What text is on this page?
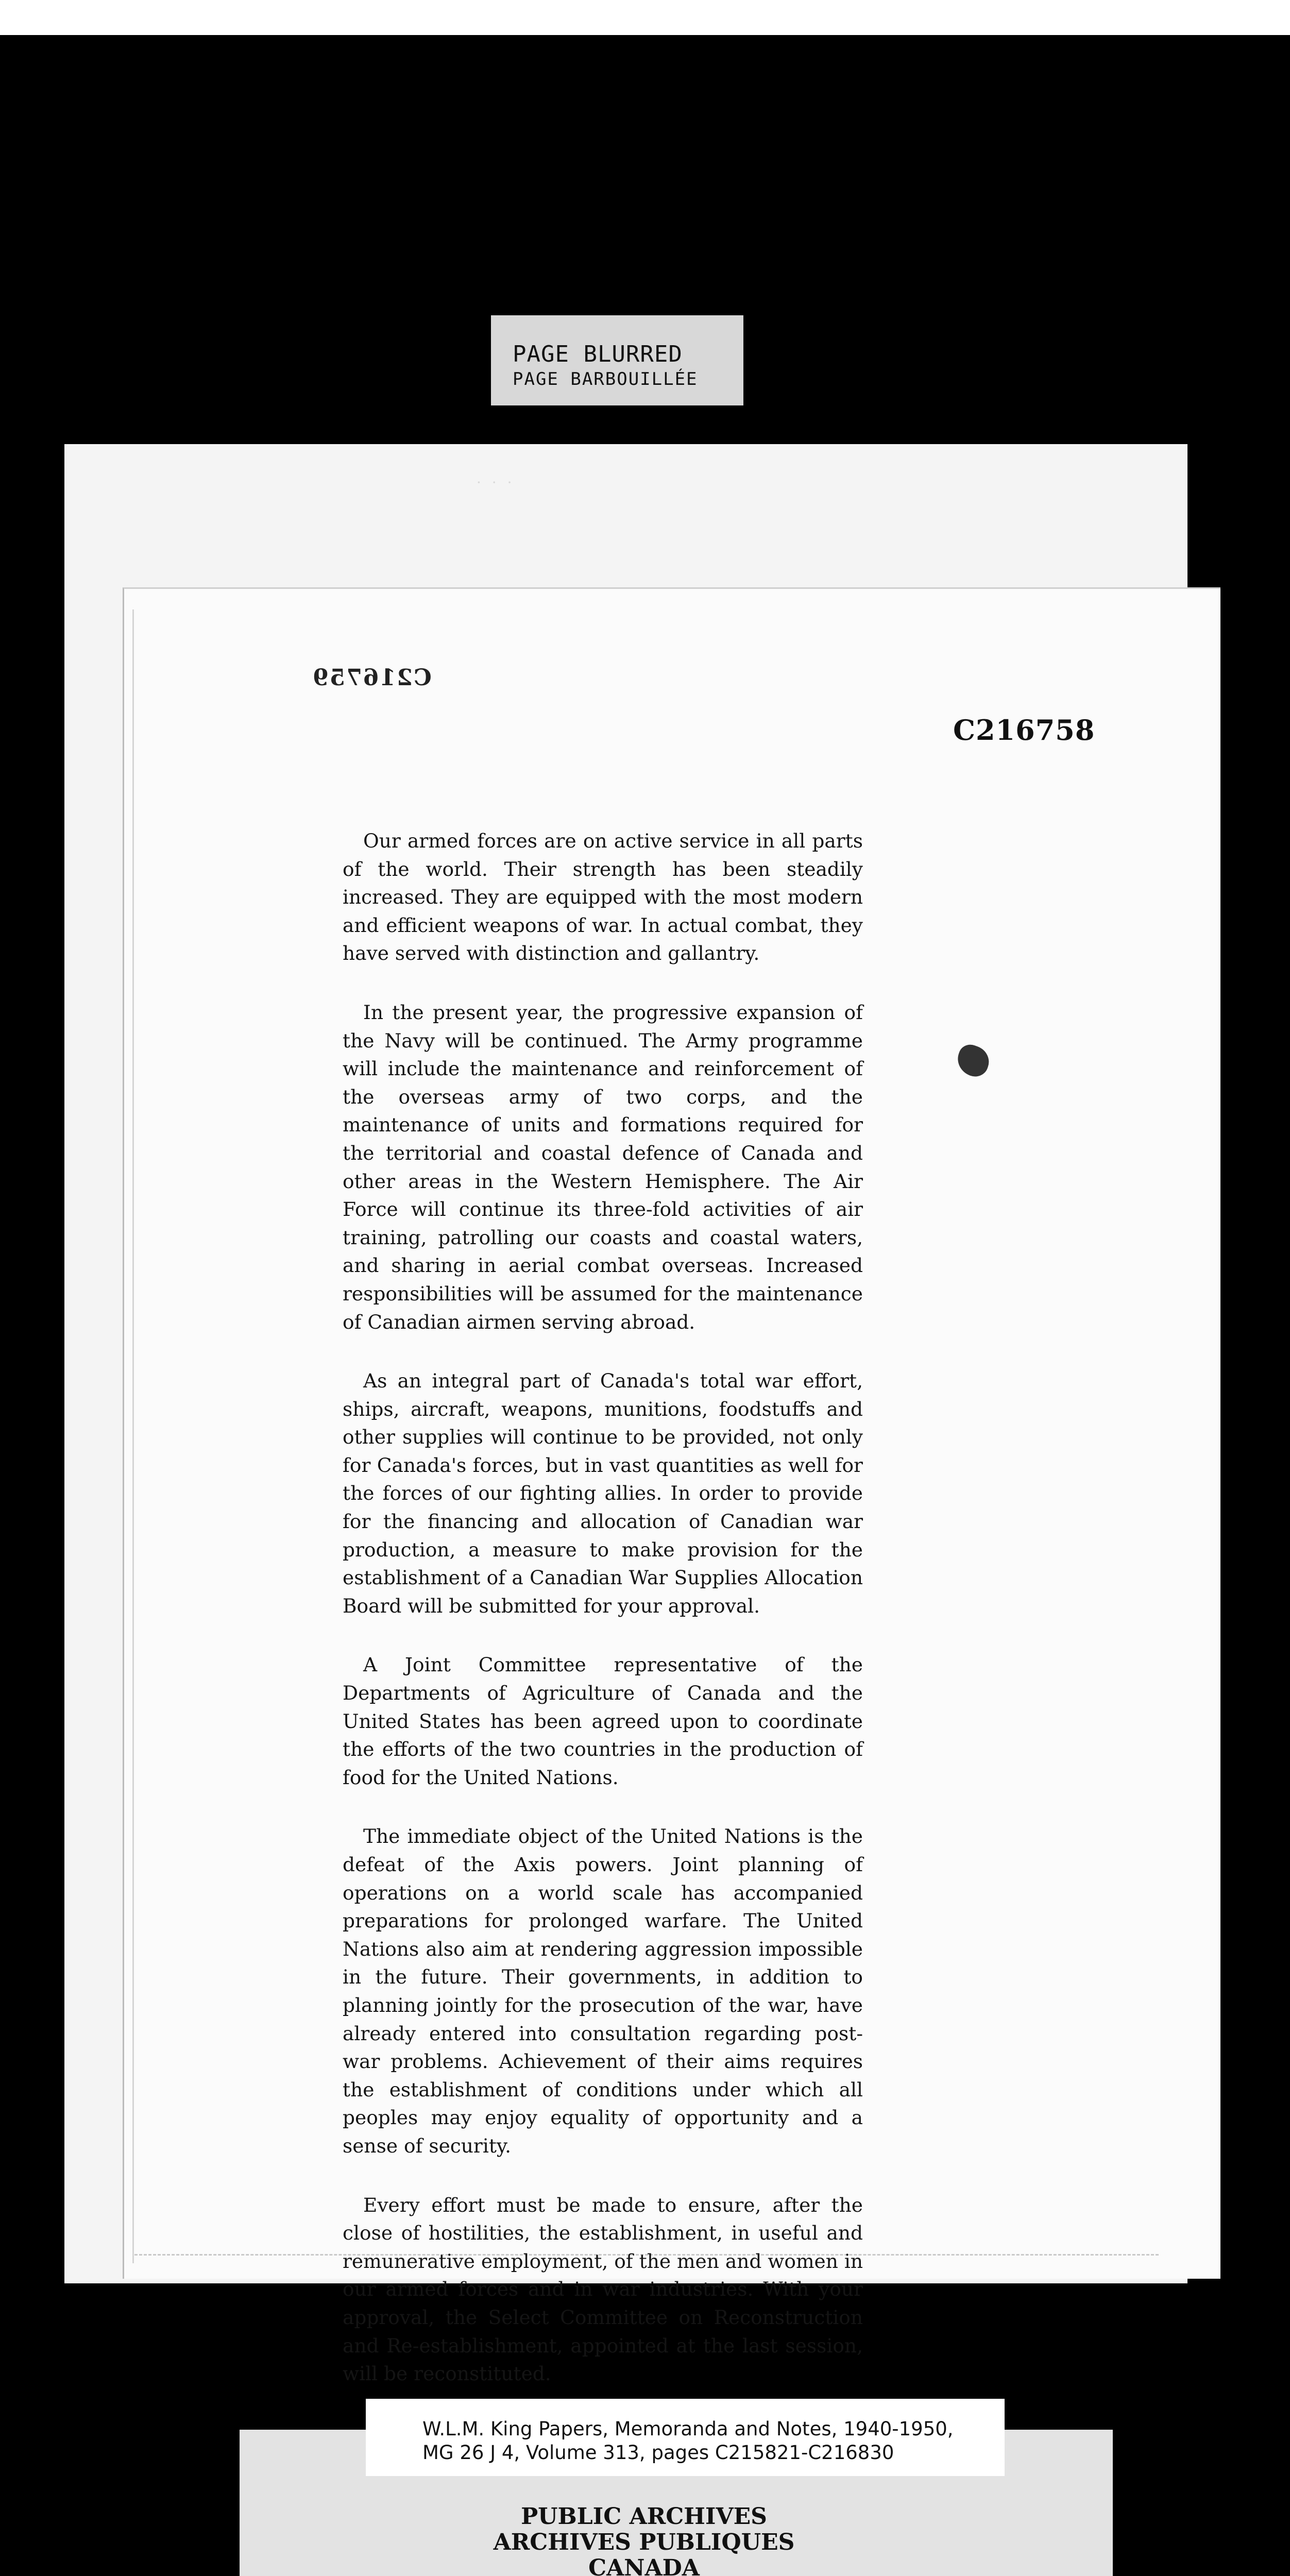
PAGE BLURRED
PAGE BARBOUILLÉE
· · ·
C216759
C216758

Our armed forces are on active service in all parts of the world. Their strength has been steadily increased. They are equipped with the most modern and efficient weapons of war. In actual combat, they have served with distinction and gallantry.

In the present year, the progressive expansion of the Navy will be continued. The Army programme will include the maintenance and reinforcement of the overseas army of two corps, and the maintenance of units and formations required for the territorial and coastal defence of Canada and other areas in the Western Hemisphere. The Air Force will continue its three-fold activities of air training, patrolling our coasts and coastal waters, and sharing in aerial combat overseas. Increased responsibilities will be assumed for the maintenance of Canadian airmen serving abroad.

As an integral part of Canada's total war effort, ships, aircraft, weapons, munitions, foodstuffs and other supplies will continue to be provided, not only for Canada's forces, but in vast quantities as well for the forces of our fighting allies. In order to provide for the financing and allocation of Canadian war production, a measure to make provision for the establishment of a Canadian War Supplies Allocation Board will be submitted for your approval.

A Joint Committee representative of the Departments of Agriculture of Canada and the United States has been agreed upon to coordinate the efforts of the two countries in the production of food for the United Nations.

The immediate object of the United Nations is the defeat of the Axis powers. Joint planning of operations on a world scale has accompanied preparations for prolonged warfare. The United Nations also aim at rendering aggression impossible in the future. Their governments, in addition to planning jointly for the prosecution of the war, have already entered into consultation regarding post-war problems. Achievement of their aims requires the establishment of conditions under which all peoples may enjoy equality of opportunity and a sense of security.

Every effort must be made to ensure, after the close of hostilities, the establishment, in useful and remunerative employment, of the men and women in our armed forces and in war industries. With your approval, the Select Committee on Reconstruction and Re-establishment, appointed at the last session, will be reconstituted.

W.L.M. King Papers, Memoranda and Notes, 1940-1950,
MG 26 J 4, Volume 313, pages C215821-C216830
PUBLIC ARCHIVES
ARCHIVES PUBLIQUES
CANADA
